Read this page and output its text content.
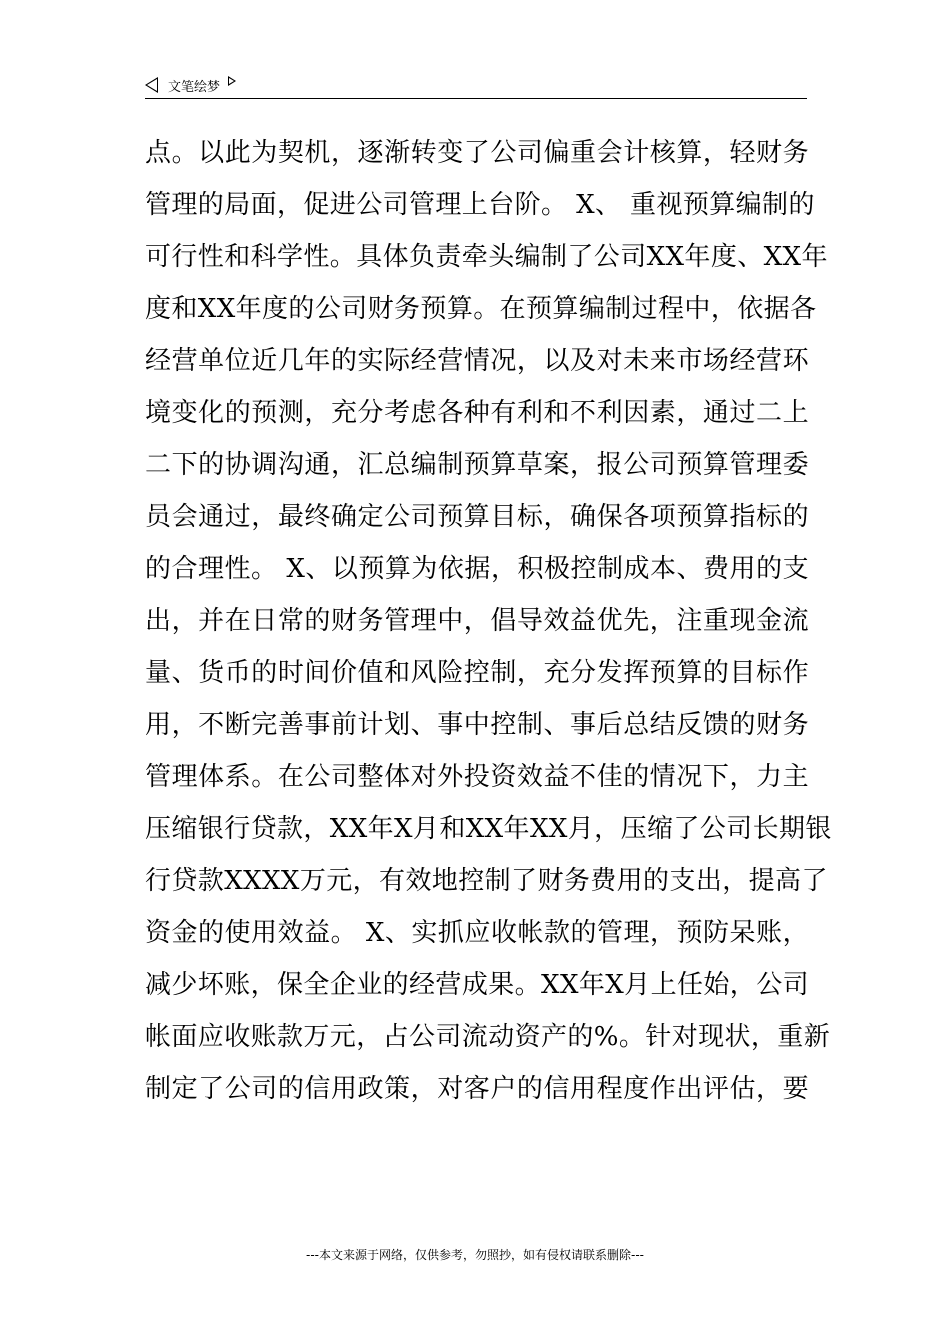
文笔绘梦
点。以此为契机，逐渐转变了公司偏重会计核算，轻财务
管理的局面，促进公司管理上台阶。 X、 重视预算编制的
可行性和科学性。具体负责牵头编制了公司XX年度、XX年
度和XX年度的公司财务预算。在预算编制过程中，依据各
经营单位近几年的实际经营情况，以及对未来市场经营环
境变化的预测，充分考虑各种有利和不利因素，通过二上
二下的协调沟通，汇总编制预算草案，报公司预算管理委
员会通过，最终确定公司预算目标，确保各项预算指标的
的合理性。 X、以预算为依据，积极控制成本、费用的支
出，并在日常的财务管理中，倡导效益优先，注重现金流
量、货币的时间价值和风险控制，充分发挥预算的目标作
用，不断完善事前计划、事中控制、事后总结反馈的财务
管理体系。在公司整体对外投资效益不佳的情况下，力主
压缩银行贷款，XX年X月和XX年XX月，压缩了公司长期银
行贷款XXXX万元，有效地控制了财务费用的支出，提高了
资金的使用效益。 X、实抓应收帐款的管理，预防呆账，
减少坏账，保全企业的经营成果。XX年X月上任始，公司
帐面应收账款万元，占公司流动资产的%。针对现状，重新
制定了公司的信用政策，对客户的信用程度作出评估，要
---本文来源于网络，仅供参考，勿照抄，如有侵权请联系删除---
